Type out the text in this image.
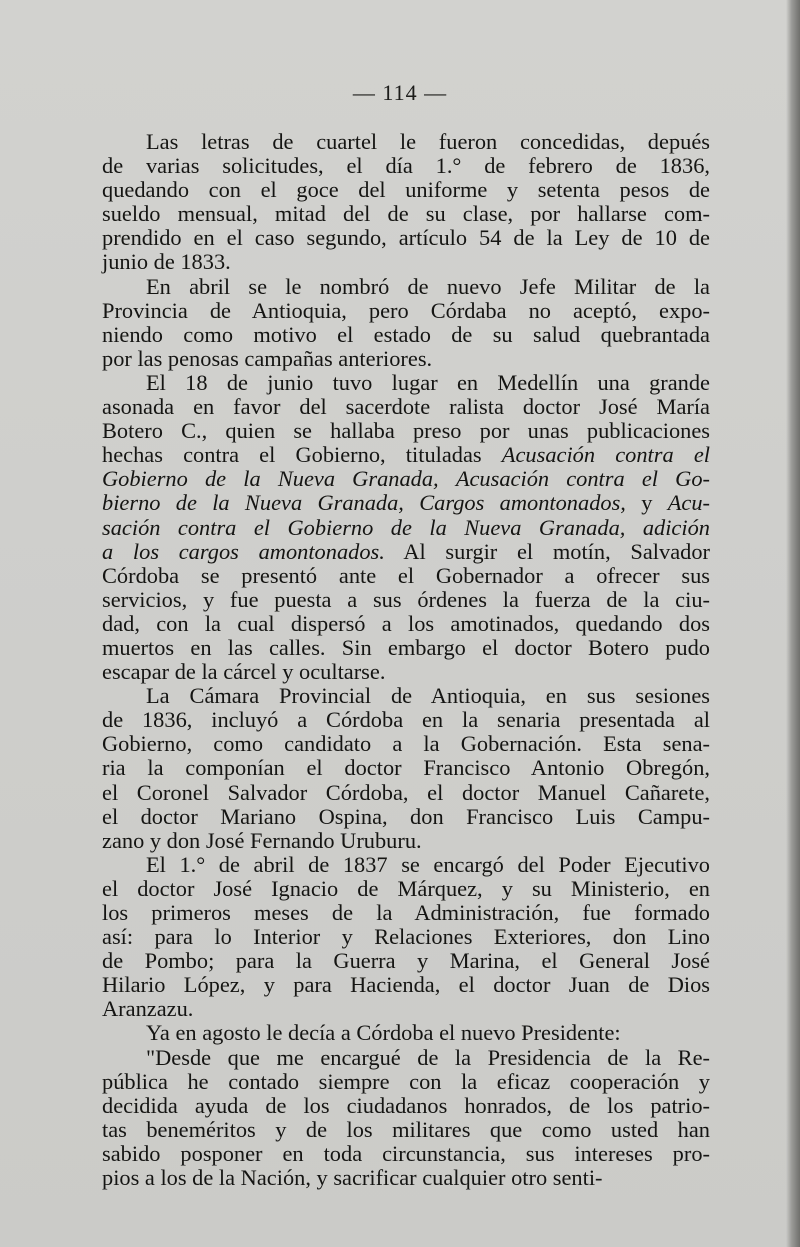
— 114 —

Las letras de cuartel le fueron concedidas, depués
de varias solicitudes, el día 1.° de febrero de 1836,
quedando con el goce del uniforme y setenta pesos de
sueldo mensual, mitad del de su clase, por hallarse com-
prendido en el caso segundo, artículo 54 de la Ley de 10 de
junio de 1833.

En abril se le nombró de nuevo Jefe Militar de la
Provincia de Antioquia, pero Córdaba no aceptó, expo-
niendo como motivo el estado de su salud quebrantada
por las penosas campañas anteriores.

El 18 de junio tuvo lugar en Medellín una grande
asonada en favor del sacerdote ralista doctor José María
Botero C., quien se hallaba preso por unas publicaciones
hechas contra el Gobierno, tituladas Acusación contra el
Gobierno de la Nueva Granada, Acusación contra el Go-
bierno de la Nueva Granada, Cargos amontonados, y Acu-
sación contra el Gobierno de la Nueva Granada, adición
a los cargos amontonados. Al surgir el motín, Salvador
Córdoba se presentó ante el Gobernador a ofrecer sus
servicios, y fue puesta a sus órdenes la fuerza de la ciu-
dad, con la cual dispersó a los amotinados, quedando dos
muertos en las calles. Sin embargo el doctor Botero pudo
escapar de la cárcel y ocultarse.

La Cámara Provincial de Antioquia, en sus sesiones
de 1836, incluyó a Córdoba en la senaria presentada al
Gobierno, como candidato a la Gobernación. Esta sena-
ria la componían el doctor Francisco Antonio Obregón,
el Coronel Salvador Córdoba, el doctor Manuel Cañarete,
el doctor Mariano Ospina, don Francisco Luis Campu-
zano y don José Fernando Uruburu.

El 1.° de abril de 1837 se encargó del Poder Ejecutivo
el doctor José Ignacio de Márquez, y su Ministerio, en
los primeros meses de la Administración, fue formado
así: para lo Interior y Relaciones Exteriores, don Lino
de Pombo; para la Guerra y Marina, el General José
Hilario López, y para Hacienda, el doctor Juan de Dios
Aranzazu.

Ya en agosto le decía a Córdoba el nuevo Presidente:

"Desde que me encargué de la Presidencia de la Re-
pública he contado siempre con la eficaz cooperación y
decidida ayuda de los ciudadanos honrados, de los patrio-
tas beneméritos y de los militares que como usted han
sabido posponer en toda circunstancia, sus intereses pro-
pios a los de la Nación, y sacrificar cualquier otro senti-
